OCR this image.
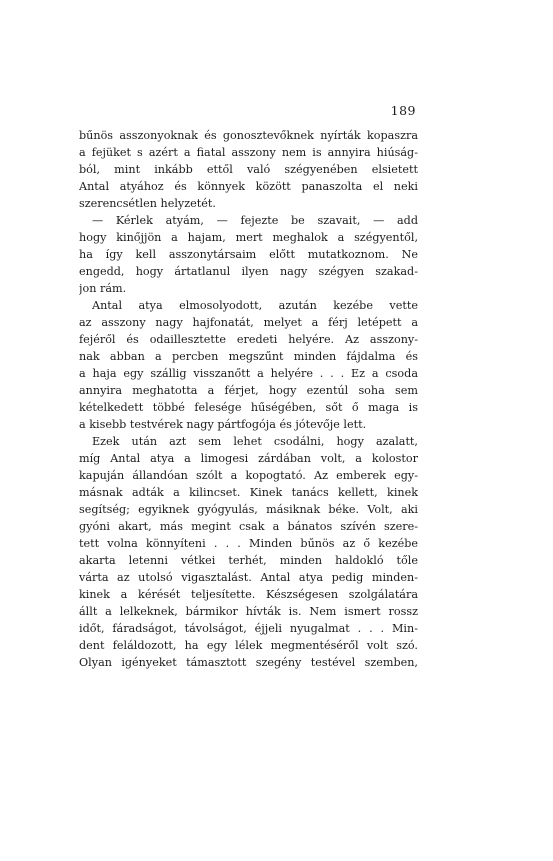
189
bűnös asszonyoknak és gonosztevőknek nyírták kopaszra
a fejüket s azért a fiatal asszony nem is annyira hiúság-
ból, mint inkább ettől való szégyenében elsietett
Antal atyához és könnyek között panaszolta el neki
szerencsétlen helyzetét.
— Kérlek atyám, — fejezte be szavait, — add
hogy kinőjjön a hajam, mert meghalok a szégyentől,
ha így kell asszonytársaim előtt mutatkoznom. Ne
engedd, hogy ártatlanul ilyen nagy szégyen szakad-
jon rám.
Antal atya elmosolyodott, azután kezébe vette
az asszony nagy hajfonatát, melyet a férj letépett a
fejéről és odaillesztette eredeti helyére. Az asszony-
nak abban a percben megszűnt minden fájdalma és
a haja egy szállig visszanőtt a helyére . . . Ez a csoda
annyira meghatotta a férjet, hogy ezentúl soha sem
kételkedett többé felesége hűségében, sőt ő maga is
a kisebb testvérek nagy pártfogója és jótevője lett.
Ezek után azt sem lehet csodálni, hogy azalatt,
míg Antal atya a limogesi zárdában volt, a kolostor
kapuján állandóan szólt a kopogtató. Az emberek egy-
másnak adták a kilincset. Kinek tanács kellett, kinek
segítség; egyiknek gyógyulás, másiknak béke. Volt, aki
gyóni akart, más megint csak a bánatos szívén szere-
tett volna könnyíteni . . . Minden bűnös az ő kezébe
akarta letenni vétkei terhét, minden haldokló tőle
várta az utolsó vigasztalást. Antal atya pedig minden-
kinek a kérését teljesítette. Készségesen szolgálatára
állt a lelkeknek, bármikor hívták is. Nem ismert rossz
időt, fáradságot, távolságot, éjjeli nyugalmat . . . Min-
dent feláldozott, ha egy lélek megmentéséről volt szó.
Olyan igényeket támasztott szegény testével szemben,
